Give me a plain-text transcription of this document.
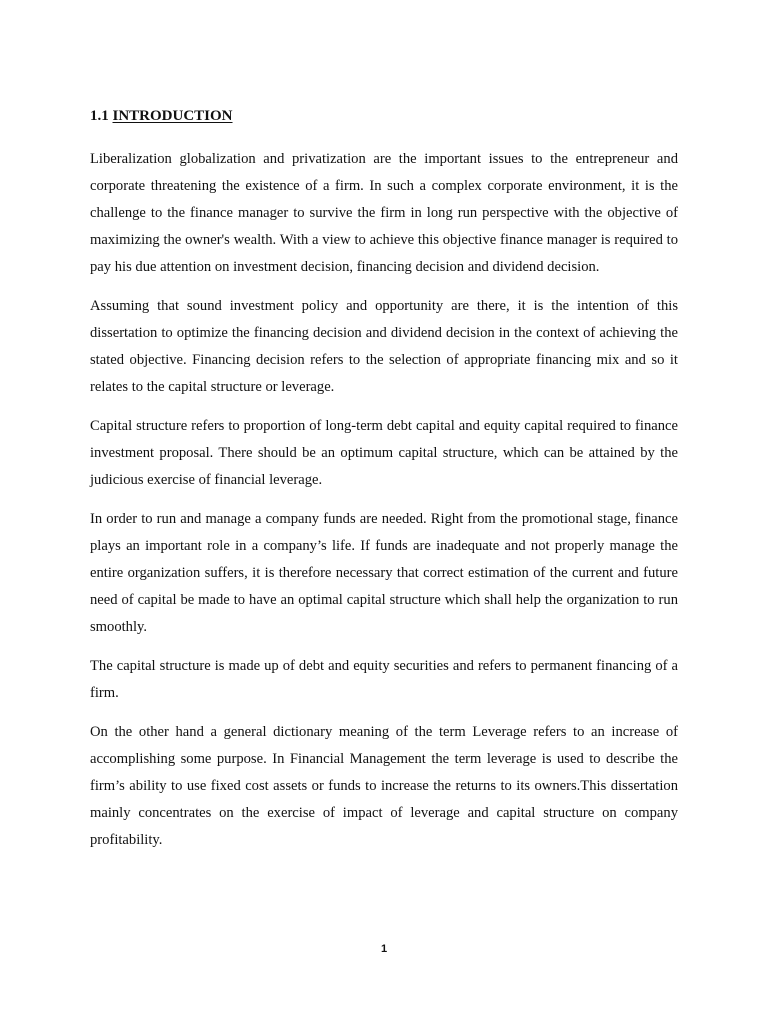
1.1 INTRODUCTION

Liberalization globalization and privatization are the important issues to the entrepreneur and corporate threatening the existence of a firm. In such a complex corporate environment, it is the challenge to the finance manager to survive the firm in long run perspective with the objective of maximizing the owner's wealth. With a view to achieve this objective finance manager is required to pay his due attention on investment decision, financing decision and dividend decision.

Assuming that sound investment policy and opportunity are there, it is the intention of this dissertation to optimize the financing decision and dividend decision in the context of achieving the stated objective. Financing decision refers to the selection of appropriate financing mix and so it relates to the capital structure or leverage.

Capital structure refers to proportion of long-term debt capital and equity capital required to finance investment proposal. There should be an optimum capital structure, which can be attained by the judicious exercise of financial leverage.

In order to run and manage a company funds are needed. Right from the promotional stage, finance plays an important role in a company’s life. If funds are inadequate and not properly manage the entire organization suffers, it is therefore necessary that correct estimation of the current and future need of capital be made to have an optimal capital structure which shall help the organization to run smoothly.

The capital structure is made up of debt and equity securities and refers to permanent financing of a firm.

On the other hand a general dictionary meaning of the term Leverage refers to an increase of accomplishing some purpose. In Financial Management the term leverage is used to describe the firm’s ability to use fixed cost assets or funds to increase the returns to its owners.This dissertation mainly concentrates on the exercise of impact of leverage and capital structure on company profitability.

1
